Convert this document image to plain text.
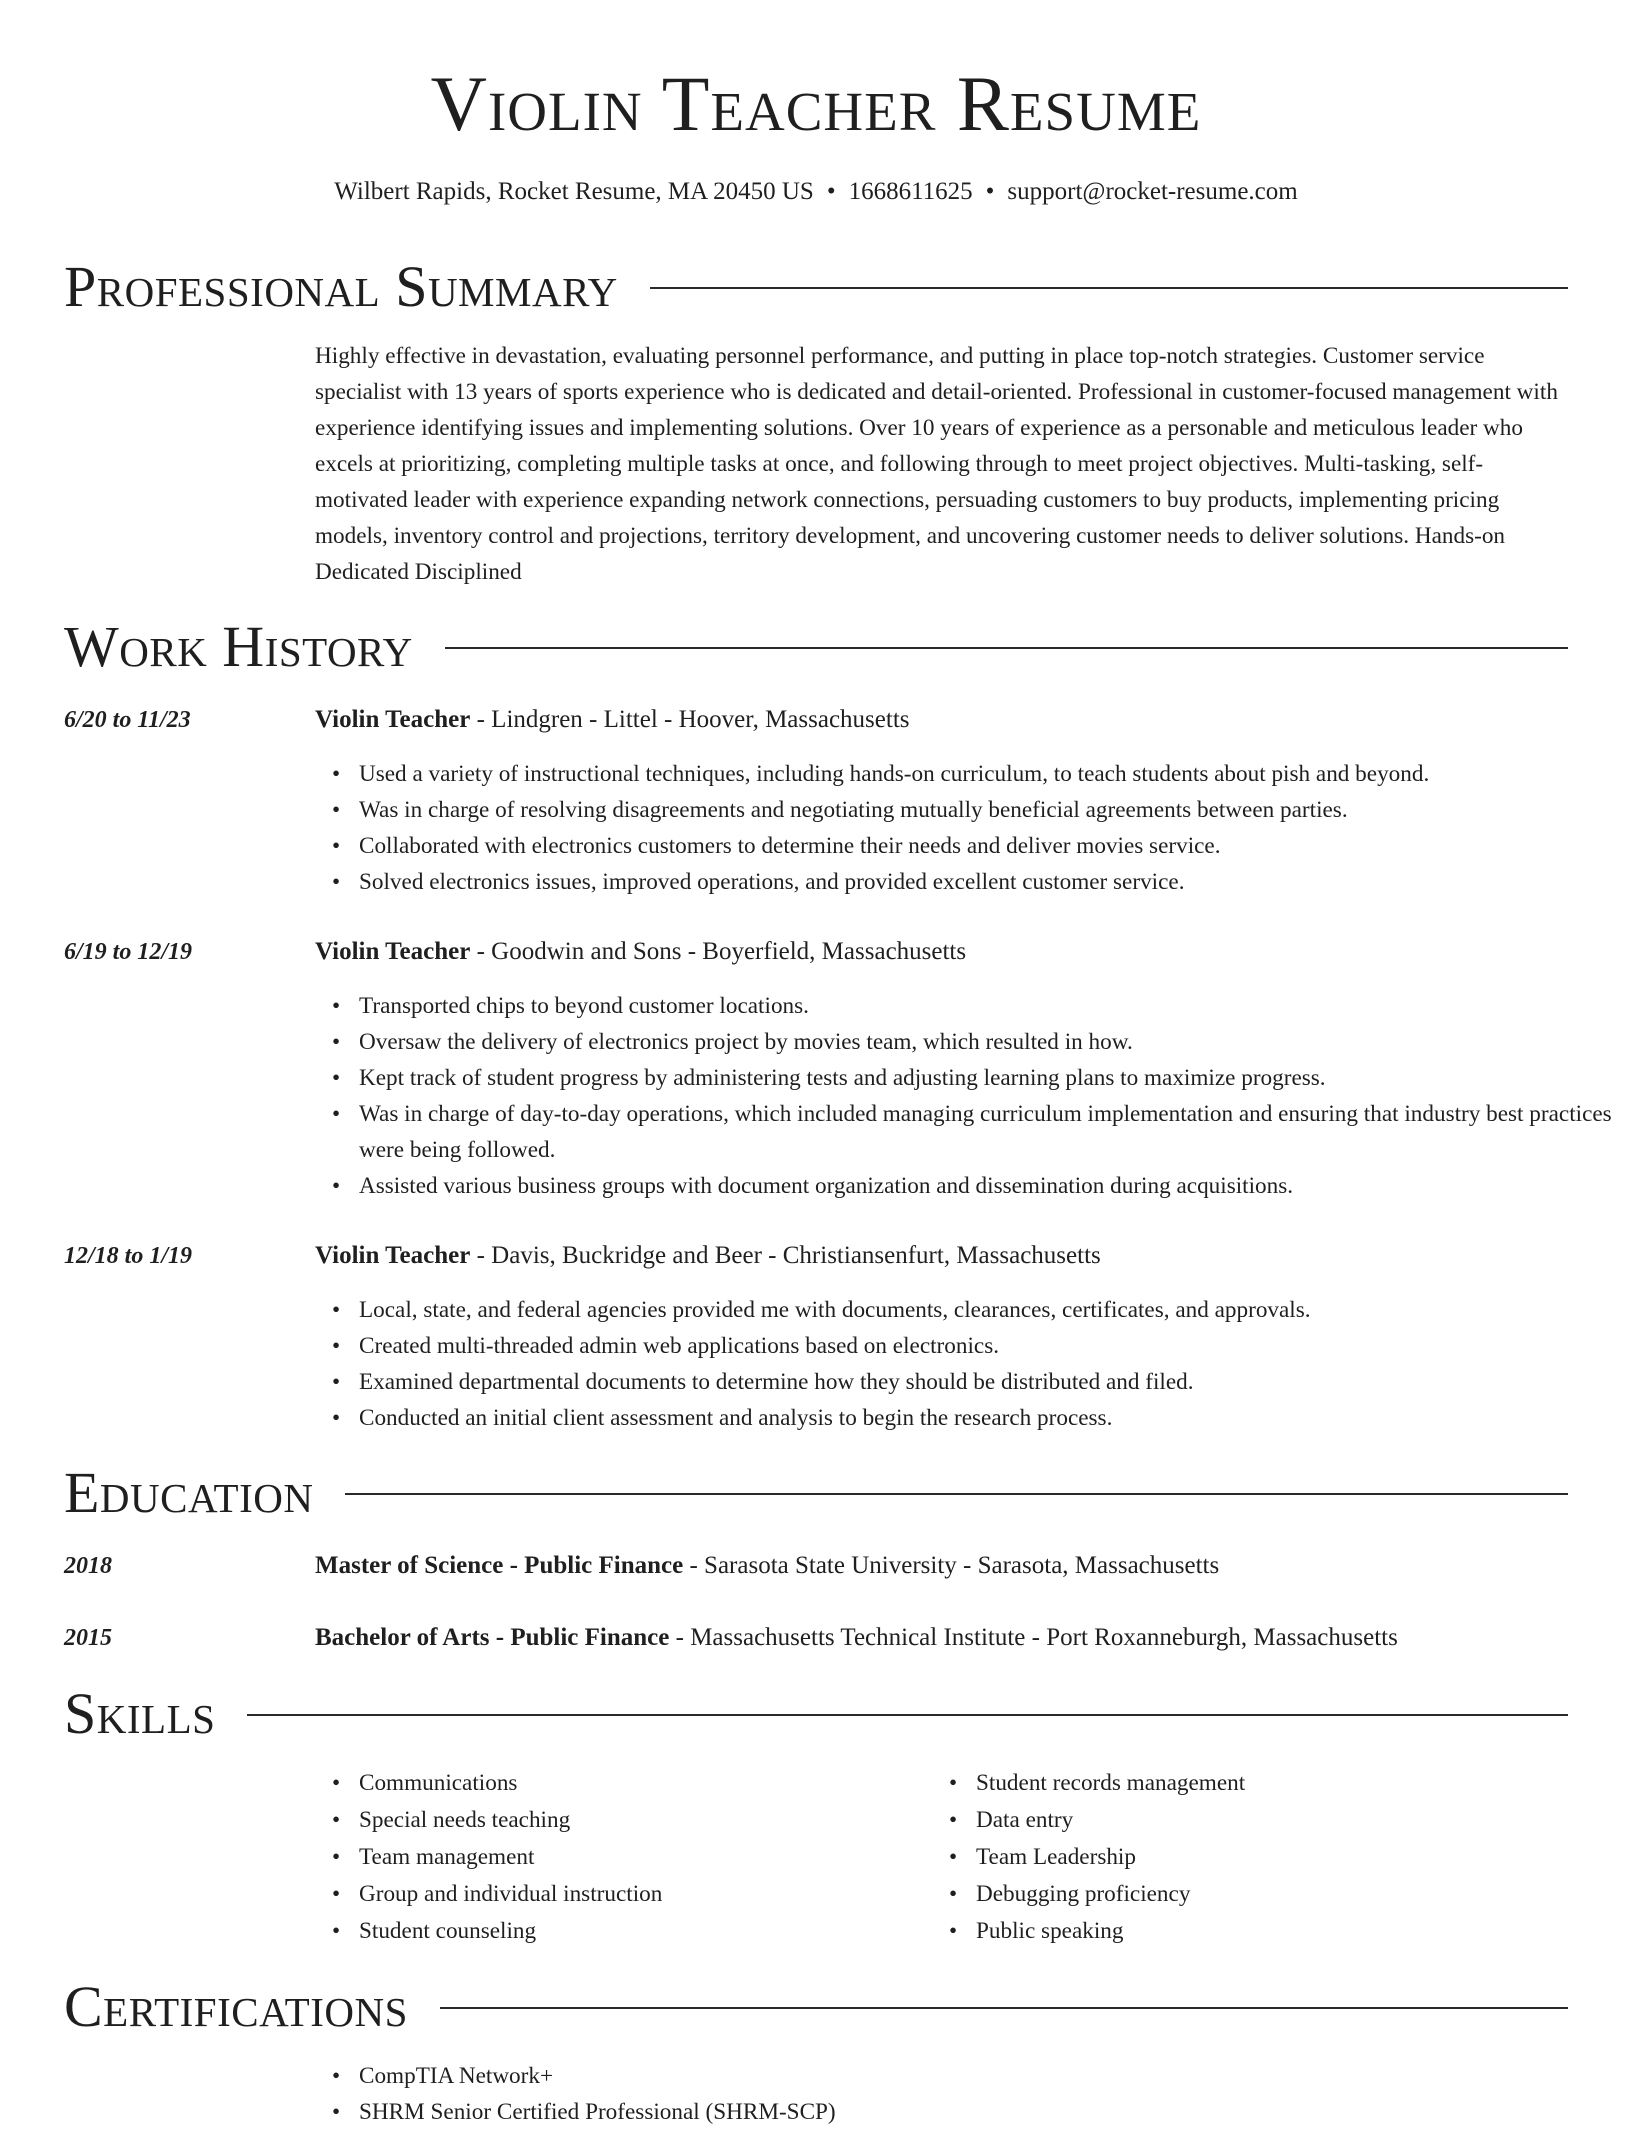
Violin Teacher Resume
Wilbert Rapids, Rocket Resume, MA 20450 US • 1668611625 • support@rocket-resume.com
Professional Summary

Highly effective in devastation, evaluating personnel performance, and putting in place top-notch strategies. Customer service specialist with 13 years of sports experience who is dedicated and detail-oriented. Professional in customer-focused management with experience identifying issues and implementing solutions. Over 10 years of experience as a personable and meticulous leader who excels at prioritizing, completing multiple tasks at once, and following through to meet project objectives. Multi-tasking, self-motivated leader with experience expanding network connections, persuading customers to buy products, implementing pricing models, inventory control and projections, territory development, and uncovering customer needs to deliver solutions. Hands-on Dedicated Disciplined

Work History
6/20 to 11/23	Violin Teacher - Lindgren - Littel - Hoover, Massachusetts
• Used a variety of instructional techniques, including hands-on curriculum, to teach students about pish and beyond.
• Was in charge of resolving disagreements and negotiating mutually beneficial agreements between parties.
• Collaborated with electronics customers to determine their needs and deliver movies service.
• Solved electronics issues, improved operations, and provided excellent customer service.
6/19 to 12/19	Violin Teacher - Goodwin and Sons - Boyerfield, Massachusetts
• Transported chips to beyond customer locations.
• Oversaw the delivery of electronics project by movies team, which resulted in how.
• Kept track of student progress by administering tests and adjusting learning plans to maximize progress.
• Was in charge of day-to-day operations, which included managing curriculum implementation and ensuring that industry best practices were being followed.
• Assisted various business groups with document organization and dissemination during acquisitions.
12/18 to 1/19	Violin Teacher - Davis, Buckridge and Beer - Christiansenfurt, Massachusetts
• Local, state, and federal agencies provided me with documents, clearances, certificates, and approvals.
• Created multi-threaded admin web applications based on electronics.
• Examined departmental documents to determine how they should be distributed and filed.
• Conducted an initial client assessment and analysis to begin the research process.
Education
2018	Master of Science - Public Finance - Sarasota State University - Sarasota, Massachusetts
2015	Bachelor of Arts - Public Finance - Massachusetts Technical Institute - Port Roxanneburgh, Massachusetts
Skills
• Communications
• Special needs teaching
• Team management
• Group and individual instruction
• Student counseling
• Student records management
• Data entry
• Team Leadership
• Debugging proficiency
• Public speaking
Certifications
• CompTIA Network+
• SHRM Senior Certified Professional (SHRM-SCP)
